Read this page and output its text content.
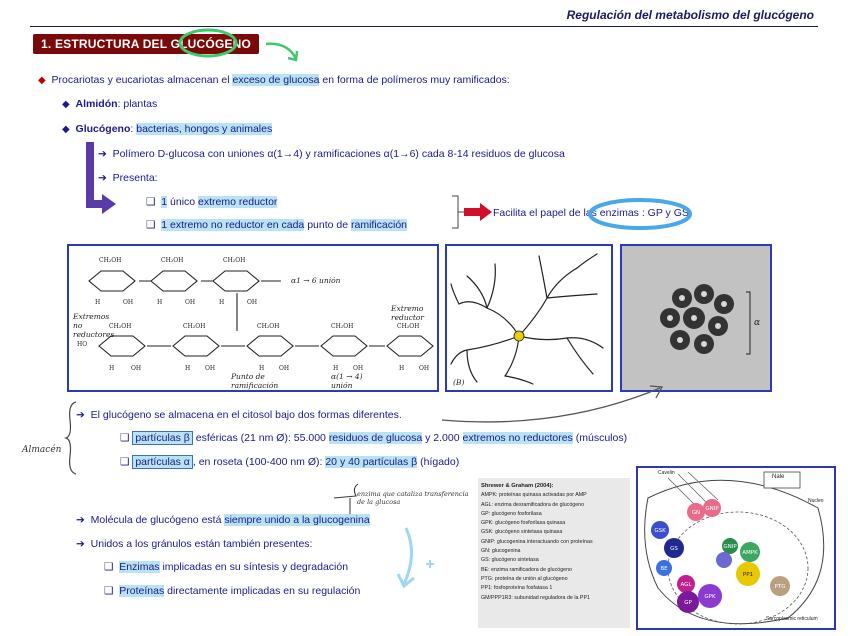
Regulación del metabolismo del glucógeno
1. ESTRUCTURA DEL GLUCÓGENO
◆ Procariotas y eucariotas almacenan el exceso de glucosa en forma de polímeros muy ramificados:
◆ Almidón: plantas
◆ Glucógeno: bacterias, hongos y animales
➔ Polímero D-glucosa con uniones α(1→4) y ramificaciones α(1→6) cada 8-14 residuos de glucosa
➔ Presenta:
❑ 1 único extremo reductor
❑ 1 extremo no reductor en cada punto de ramificación
Facilita el papel de las enzimas : GP y GS
CH₂OH	CH₂OH	CH₂OH
CH₂OH	CH₂OH	CH₂OH	CH₂OH	CH₂OH
H	OH	H	OH	H	OH
H	OH	H OH	H OH	H OH	H OH
HO
α1 → 6 unión
Extremos no reductores
Extremo reductor
Punto de ramificación
α(1 → 4) unión	(B)
α
Almacén
➔ El glucógeno se almacena en el citosol bajo dos formas diferentes.
❑ partículas β esféricas (21 nm Ø): 55.000 residuos de glucosa y 2.000 extremos no reductores (músculos)
❑ partículas α , en roseta (100-400 nm Ø): 20 y 40 partículas β (hígado)
enzima que cataliza transferencia de la glucosa
➔ Molécula de glucógeno está siempre unido a la glucogenina
➔ Unidos a los gránulos están también presentes:
❑ Enzimas implicadas en su síntesis y degradación
❑ Proteínas directamente implicadas en su regulación
Shrewer & Graham (2004):
AMPK: proteínas quinasa activadas por AMP
AGL: enzima desramificadora de glucógeno
GP: glucógeno fosforilasa
GPK: glucógeno fosforilasa quinasa
GSK: glucógeno sintetasa quinasa
GNIP: glucogenina interactuando con proteínas
GN: glucogenina
GS: glucógeno sintetasa
BE: enzima ramificadora de glucógeno
PTG: proteína de unión al glucógeno
PP1: fosfoproteína fosfatasa 1
GM/PPP1R3: subunidad reguladora de la PP1
GN
GNIP
GSK
GS	GNIP
AMPK
BE
PP1
AGL
GP
GPK
PTG
Nale
Cavelin
Nucleo
Sarcoplasmic reticulum
